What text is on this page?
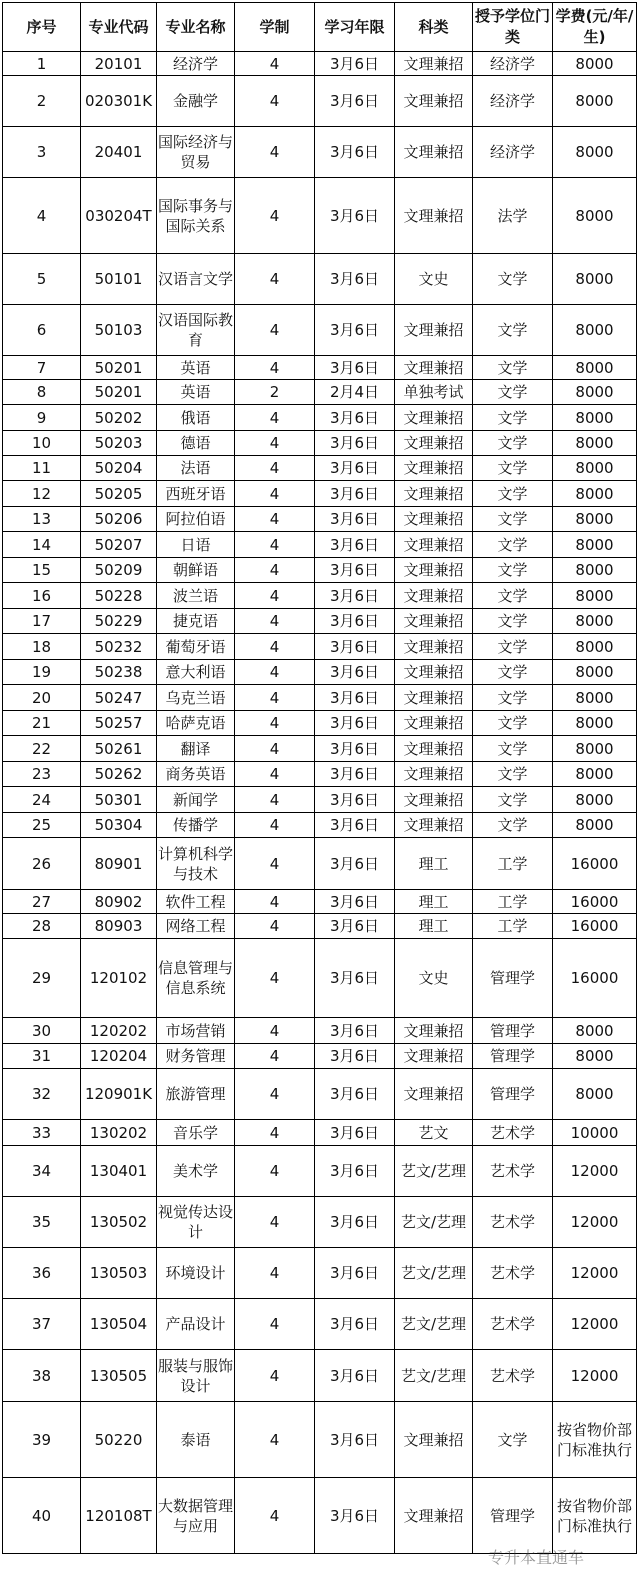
序号	专业代码	专业名称	学制	学习年限	科类	授予学位门类	学费(元/年/生)
1	20101	经济学	4	3月6日	文理兼招	经济学	8000
2	020301K	金融学	4	3月6日	文理兼招	经济学	8000
3	20401	国际经济与贸易	4	3月6日	文理兼招	经济学	8000
4	030204T	国际事务与国际关系	4	3月6日	文理兼招	法学	8000
5	50101	汉语言文学	4	3月6日	文史	文学	8000
6	50103	汉语国际教育	4	3月6日	文理兼招	文学	8000
7	50201	英语	4	3月6日	文理兼招	文学	8000
8	50201	英语	2	2月4日	单独考试	文学	8000
9	50202	俄语	4	3月6日	文理兼招	文学	8000
10	50203	德语	4	3月6日	文理兼招	文学	8000
11	50204	法语	4	3月6日	文理兼招	文学	8000
12	50205	西班牙语	4	3月6日	文理兼招	文学	8000
13	50206	阿拉伯语	4	3月6日	文理兼招	文学	8000
14	50207	日语	4	3月6日	文理兼招	文学	8000
15	50209	朝鲜语	4	3月6日	文理兼招	文学	8000
16	50228	波兰语	4	3月6日	文理兼招	文学	8000
17	50229	捷克语	4	3月6日	文理兼招	文学	8000
18	50232	葡萄牙语	4	3月6日	文理兼招	文学	8000
19	50238	意大利语	4	3月6日	文理兼招	文学	8000
20	50247	乌克兰语	4	3月6日	文理兼招	文学	8000
21	50257	哈萨克语	4	3月6日	文理兼招	文学	8000
22	50261	翻译	4	3月6日	文理兼招	文学	8000
23	50262	商务英语	4	3月6日	文理兼招	文学	8000
24	50301	新闻学	4	3月6日	文理兼招	文学	8000
25	50304	传播学	4	3月6日	文理兼招	文学	8000
26	80901	计算机科学与技术	4	3月6日	理工	工学	16000
27	80902	软件工程	4	3月6日	理工	工学	16000
28	80903	网络工程	4	3月6日	理工	工学	16000
29	120102	信息管理与信息系统	4	3月6日	文史	管理学	16000
30	120202	市场营销	4	3月6日	文理兼招	管理学	8000
31	120204	财务管理	4	3月6日	文理兼招	管理学	8000
32	120901K	旅游管理	4	3月6日	文理兼招	管理学	8000
33	130202	音乐学	4	3月6日	艺文	艺术学	10000
34	130401	美术学	4	3月6日	艺文/艺理	艺术学	12000
35	130502	视觉传达设计	4	3月6日	艺文/艺理	艺术学	12000
36	130503	环境设计	4	3月6日	艺文/艺理	艺术学	12000
37	130504	产品设计	4	3月6日	艺文/艺理	艺术学	12000
38	130505	服装与服饰设计	4	3月6日	艺文/艺理	艺术学	12000
39	50220	泰语	4	3月6日	文理兼招	文学	按省物价部门标准执行
40	120108T	大数据管理与应用	4	3月6日	文理兼招	管理学	按省物价部门标准执行
专升本直通车
